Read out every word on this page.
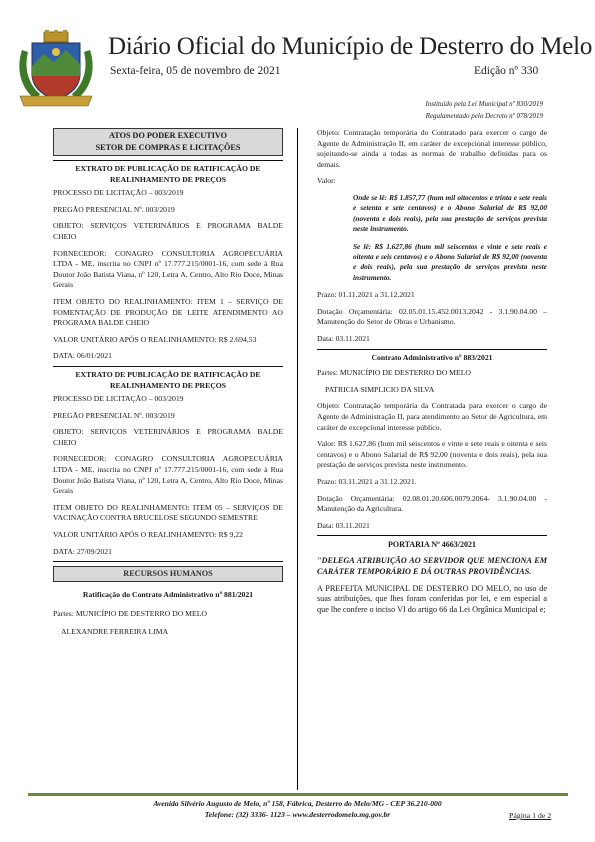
Diário Oficial do Município de Desterro do Melo
Sexta-feira, 05 de novembro de 2021	Edição nº 330
Instituído pela Lei Municipal nº 830/2019
Regulamentado pelo Decreto nº 078/2019
ATOS DO PODER EXECUTIVO
SETOR DE COMPRAS E LICITAÇÕES
EXTRATO DE PUBLICAÇÃO DE RATIFICAÇÃO DE REALINHAMENTO DE PREÇOS

PROCESSO DE LICITAÇÃO – 003/2019

PREGÃO PRESENCIAL Nº. 003/2019

OBJETO: SERVIÇOS VETERINÁRIOS E PROGRAMA BALDE CHEIO

FORNECEDOR: CONAGRO CONSULTORIA AGROPECUÁRIA LTDA - ME, inscrita no CNPJ nº 17.777.215/0001-16, com sede à Rua Doutor João Batista Viana, nº 120, Letra A, Centro, Alto Rio Doce, Minas Gerais

ITEM OBJETO DO REALINHAMENTO: ITEM 1 – SERVIÇO DE FOMENTAÇÃO DE PRODUÇÃO DE LEITE ATENDIMENTO AO PROGRAMA BALDE CHEIO

VALOR UNITÁRIO APÓS O REALINHAMENTO: R$ 2.694,53

DATA: 06/01/2021

EXTRATO DE PUBLICAÇÃO DE RATIFICAÇÃO DE REALINHAMENTO DE PREÇOS

PROCESSO DE LICITAÇÃO – 003/2019

PREGÃO PRESENCIAL Nº. 003/2019

OBJETO: SERVIÇOS VETERINÁRIOS E PROGRAMA BALDE CHEIO

FORNECEDOR: CONAGRO CONSULTORIA AGROPECUÁRIA LTDA - ME, inscrita no CNPJ nº 17.777.215/0001-16, com sede à Rua Doutor João Batista Viana, nº 120, Letra A, Centro, Alto Rio Doce, Minas Gerais

ITEM OBJETO DO REALINHAMENTO: ITEM 05 – SERVIÇOS DE VACINAÇÃO CONTRA BRUCELOSE SEGUNDO SEMESTRE

VALOR UNITÁRIO APÓS O REALINHAMENTO: R$ 9,22

DATA: 27/09/2021

RECURSOS HUMANOS
Ratificação do Contrato Administrativo nº 881/2021

Partes: MUNICÍPIO DE DESTERRO DO MELO

ALEXANDRE FERREIRA LIMA

Objeto: Contratação temporária do Contratado para exercer o cargo de Agente de Administração II, em caráter de excepcional interesse público, sujeitando-se ainda a todas as normas de trabalho definidas para os demais.

Valor:

Onde se lê: R$ 1.857,77 (hum mil oitocentos e trinta e sete reais e setenta e sete centavos) e o Abono Salarial de R$ 92,00 (noventa e dois reais), pela sua prestação de serviços prevista neste instrumento.

Se lê: R$ 1.627,86 (hum mil seiscentos e vinte e sete reais e oitenta e seis centavos) e o Abono Salarial de R$ 92,00 (noventa e dois reais), pela sua prestação de serviços prevista neste instrumento.

Prazo: 01.11.2021 a 31.12.2021

Dotação Orçamentária: 02.05.01.15.452.0013.2042 - 3.1.90.04.00 – Manutenção do Setor de Obras e Urbanismo.

Data: 03.11.2021

Contrato Administrativo nº 883/2021

Partes: MUNICÍPIO DE DESTERRO DO MELO

PATRICIA SIMPLICIO DA SILVA

Objeto: Contratação temporária da Contratada para exercer o cargo de Agente de Administração II, para atendimento ao Setor de Agricultura, em caráter de excepcional interesse público.

Valor: R$ 1.627,86 (hum mil seiscentos e vinte e sete reais e oitenta e seis centavos) e o Abono Salarial de R$ 92,00 (noventa e dois reais), pela sua prestação de serviços prevista neste instrumento.

Prazo: 03.11.2021 a 31.12.2021.

Dotação Orçamentária: 02.08.01.20.606.0079.2064- 3.1.90.04.00 - Manutenção da Agricultura.

Data: 03.11.2021

PORTARIA Nº 4663/2021

"DELEGA ATRIBUIÇÃO AO SERVIDOR QUE MENCIONA EM CARÁTER TEMPORÁRIO E DÁ OUTRAS PROVIDÊNCIAS.

A PREFEITA MUNICIPAL DE DESTERRO DO MELO, no uso de suas atribuições, que lhes foram conferidas por lei, e em especial a que lhe confere o inciso VI do artigo 66 da Lei Orgânica Municipal e;

Avenida Silvério Augusto de Melo, nº 158, Fábrica, Desterro do Melo/MG - CEP 36.210-000
Telefone: (32) 3336- 1123 – www.desterrodomelo.mg.gov.br	Página 1 de 2
